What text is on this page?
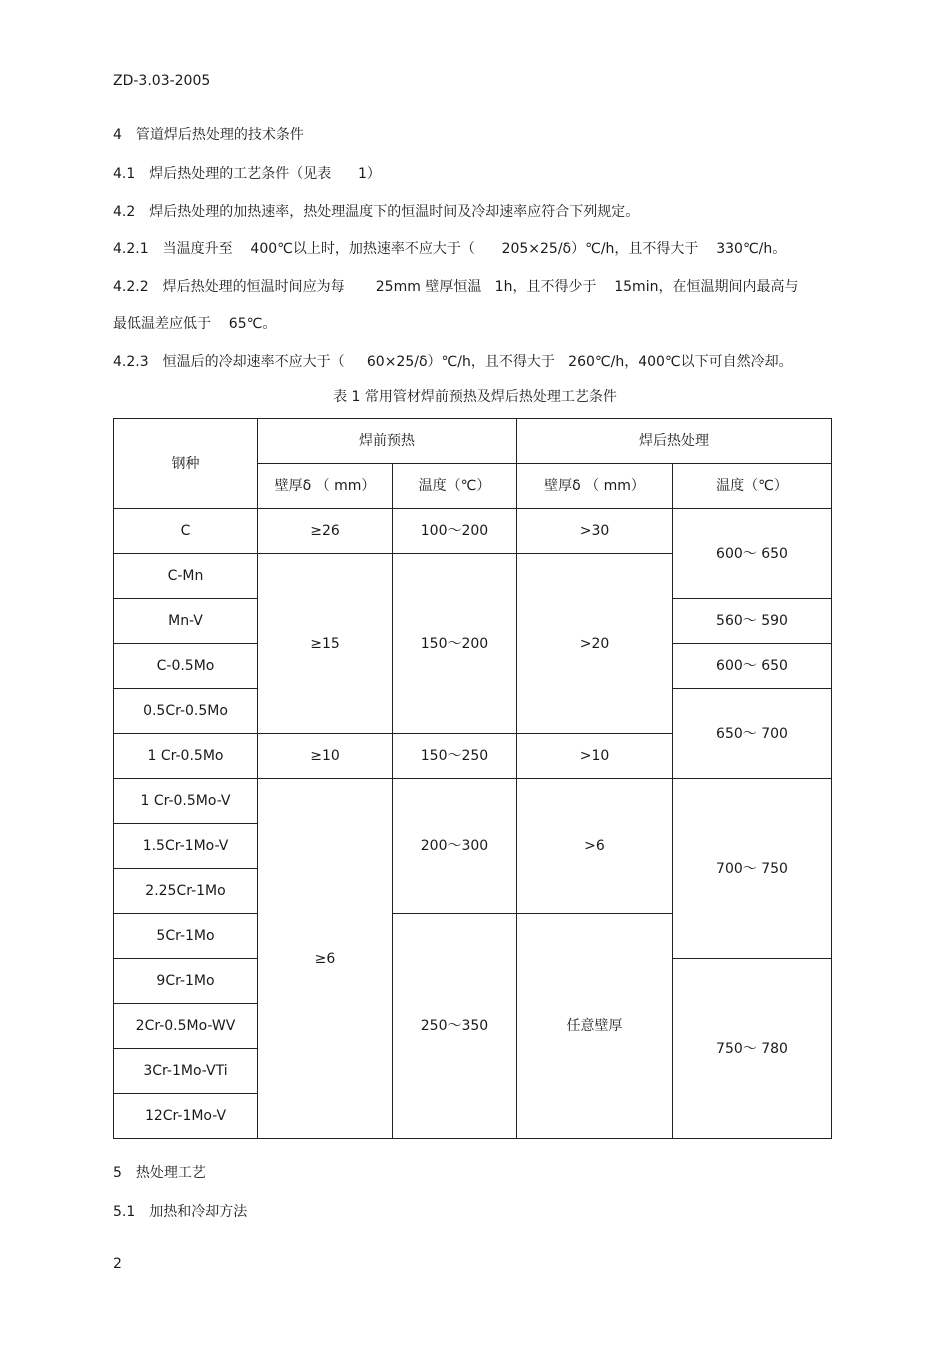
ZD-3.03-2005
4 管道焊后热处理的技术条件
4.1 焊后热处理的工艺条件（见表      1）
4.2 焊后热处理的加热速率，热处理温度下的恒温时间及冷却速率应符合下列规定。
4.2.1 当温度升至    400℃以上时，加热速率不应大于（      205×25/δ）℃/h，且不得大于    330℃/h。
4.2.2 焊后热处理的恒温时间应为每       25mm 壁厚恒温   1h，且不得少于    15min，在恒温期间内最高与
最低温差应低于    65℃。
4.2.3 恒温后的冷却速率不应大于（     60×25/δ）℃/h，且不得大于   260℃/h，400℃以下可自然冷却。
表 1 常用管材焊前预热及焊后热处理工艺条件
钢种	焊前预热		焊后热处理	
	壁厚δ （ mm）	温度（℃）	壁厚δ （ mm）	温度（℃）
C	≥26	100～200	>30	600～ 650
C-Mn	≥15	150～200	>20	
Mn-V				560～ 590
C-0.5Mo				600～ 650
0.5Cr-0.5Mo				650～ 700
1 Cr-0.5Mo	≥10	150～250	>10	
1 Cr-0.5Mo-V	≥6	200～300	>6	700～ 750
1.5Cr-1Mo-V				
2.25Cr-1Mo				
5Cr-1Mo		250～350	任意壁厚	
9Cr-1Mo				750～ 780
2Cr-0.5Mo-WV				
3Cr-1Mo-VTi				
12Cr-1Mo-V				
5 热处理工艺
5.1 加热和冷却方法
2
